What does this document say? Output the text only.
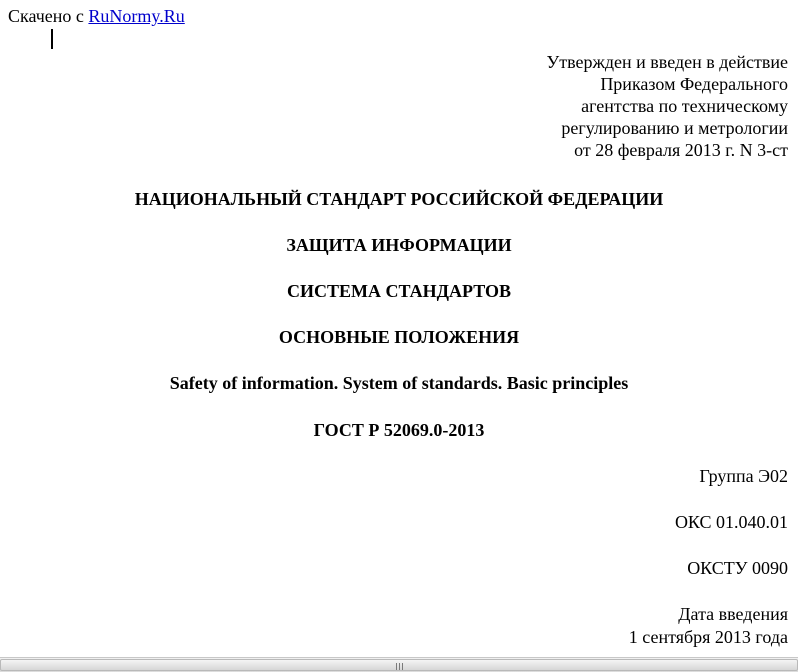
Скачено с RuNormy.Ru
Утвержден и введен в действие
Приказом Федерального
агентства по техническому
регулированию и метрологии
от 28 февраля 2013 г. N 3-ст
НАЦИОНАЛЬНЫЙ СТАНДАРТ РОССИЙСКОЙ ФЕДЕРАЦИИ
ЗАЩИТА ИНФОРМАЦИИ
СИСТЕМА СТАНДАРТОВ
ОСНОВНЫЕ ПОЛОЖЕНИЯ
Safety of information. System of standards. Basic principles
ГОСТ Р 52069.0-2013
Группа Э02
ОКС 01.040.01
ОКСТУ 0090
Дата введения
1 сентября 2013 года
